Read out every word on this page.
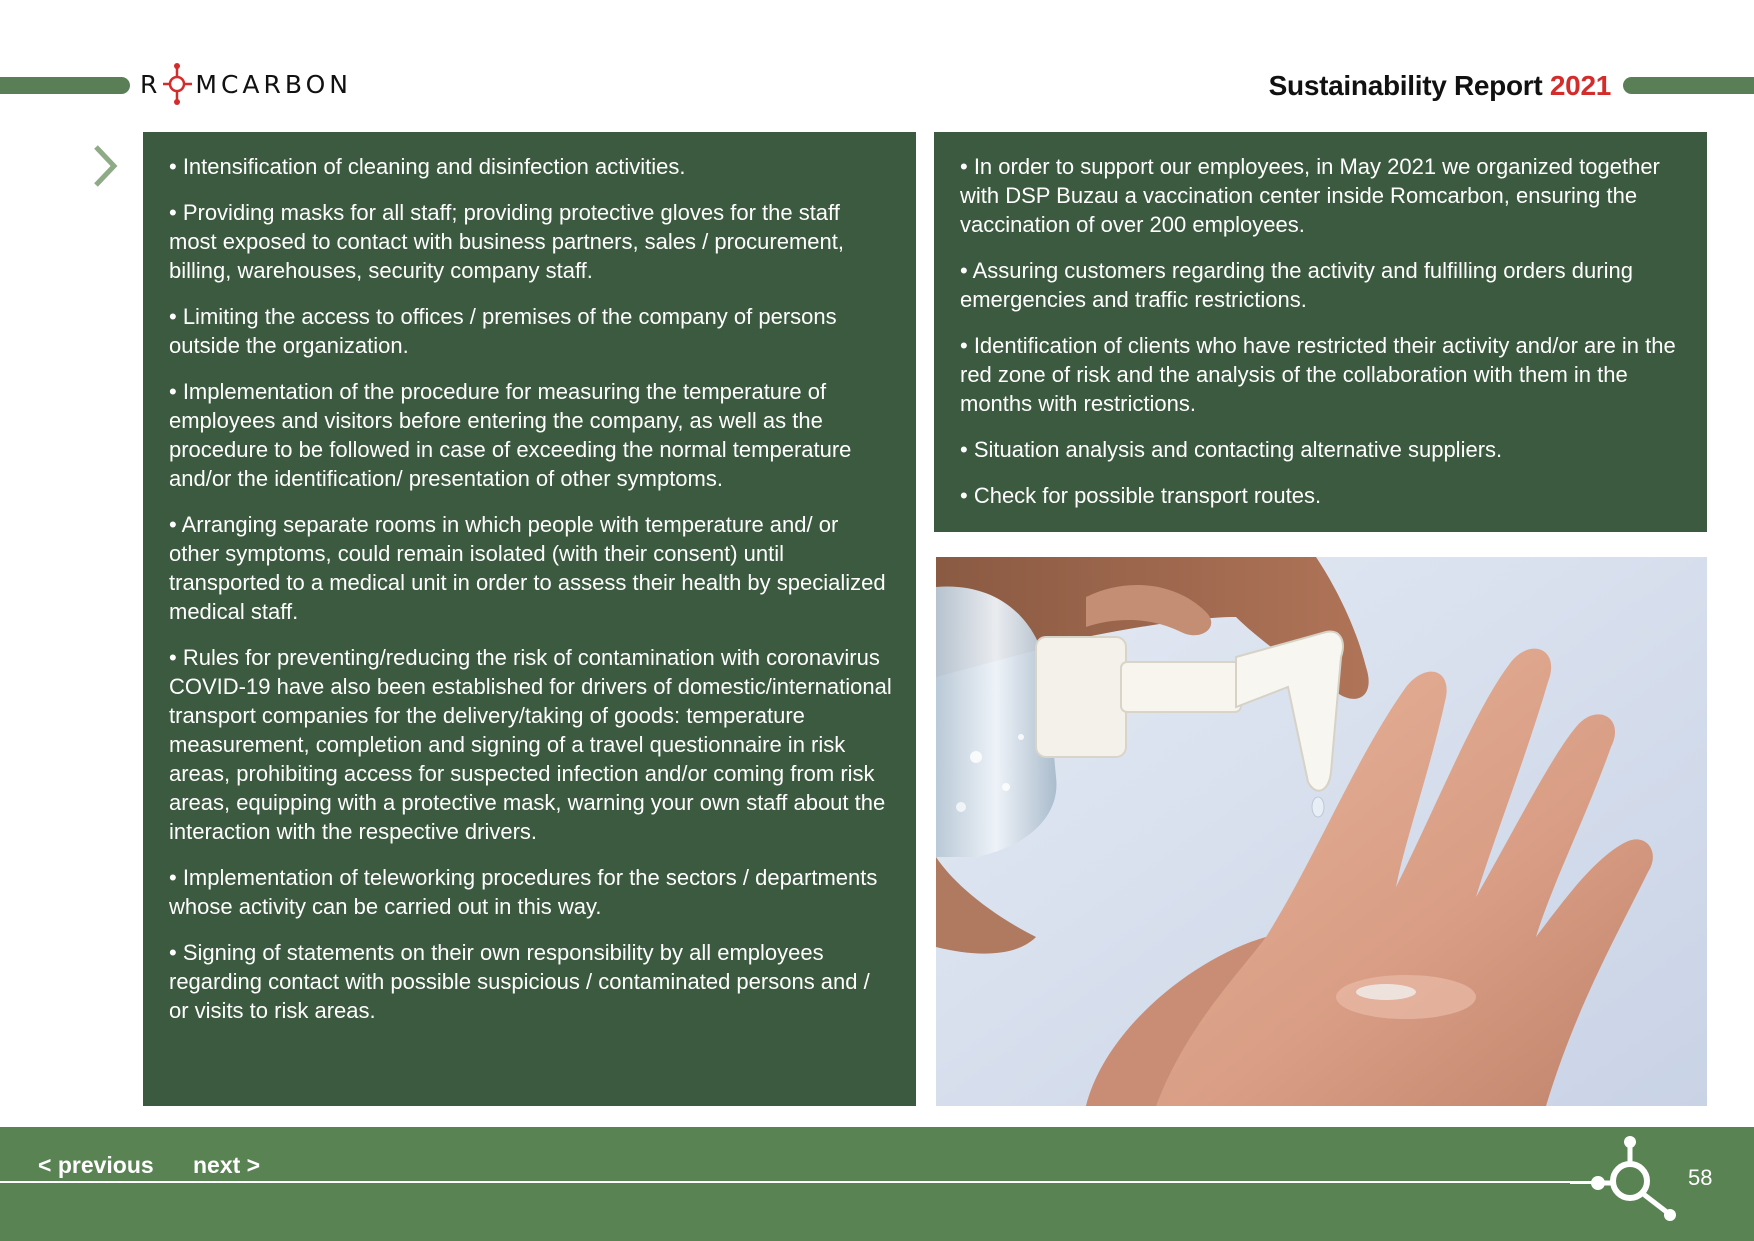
R MCARBON	Sustainability Report 2021

• Intensification of cleaning and disinfection activities.

• Providing masks for all staff; providing protective gloves for the staff most exposed to contact with business partners, sales / procurement, billing, warehouses, security company staff.

• Limiting the access to offices / premises of the company of persons outside the organization.

• Implementation of the procedure for measuring the temperature of employees and visitors before entering the company, as well as the procedure to be followed in case of exceeding the normal temperature and/or the identification/ presentation of other symptoms.

• Arranging separate rooms in which people with temperature and/ or other symptoms, could remain isolated (with their consent) until transported to a medical unit in order to assess their health by specialized medical staff.

• Rules for preventing/reducing the risk of contamination with coronavirus COVID-19 have also been established for drivers of domestic/international transport companies for the delivery/taking of goods: temperature measurement, completion and signing of a travel questionnaire in risk areas, prohibiting access for suspected infection and/or coming from risk areas, equipping with a protective mask, warning your own staff about the interaction with the respective drivers.

• Implementation of teleworking procedures for the sectors / departments whose activity can be carried out in this way.

• Signing of statements on their own responsibility by all employees regarding contact with possible suspicious / contaminated persons and / or visits to risk areas.

• In order to support our employees, in May 2021 we organized together with DSP Buzau a vaccination center inside Romcarbon, ensuring the vaccination of over 200 employees.

• Assuring customers regarding the activity and fulfilling orders during emergencies and traffic restrictions.

• Identification of clients who have restricted their activity and/or are in the red zone of risk and the analysis of the collaboration with them in the months with restrictions.

• Situation analysis and contacting alternative suppliers.

• Check for possible transport routes.

< previous next >	58
